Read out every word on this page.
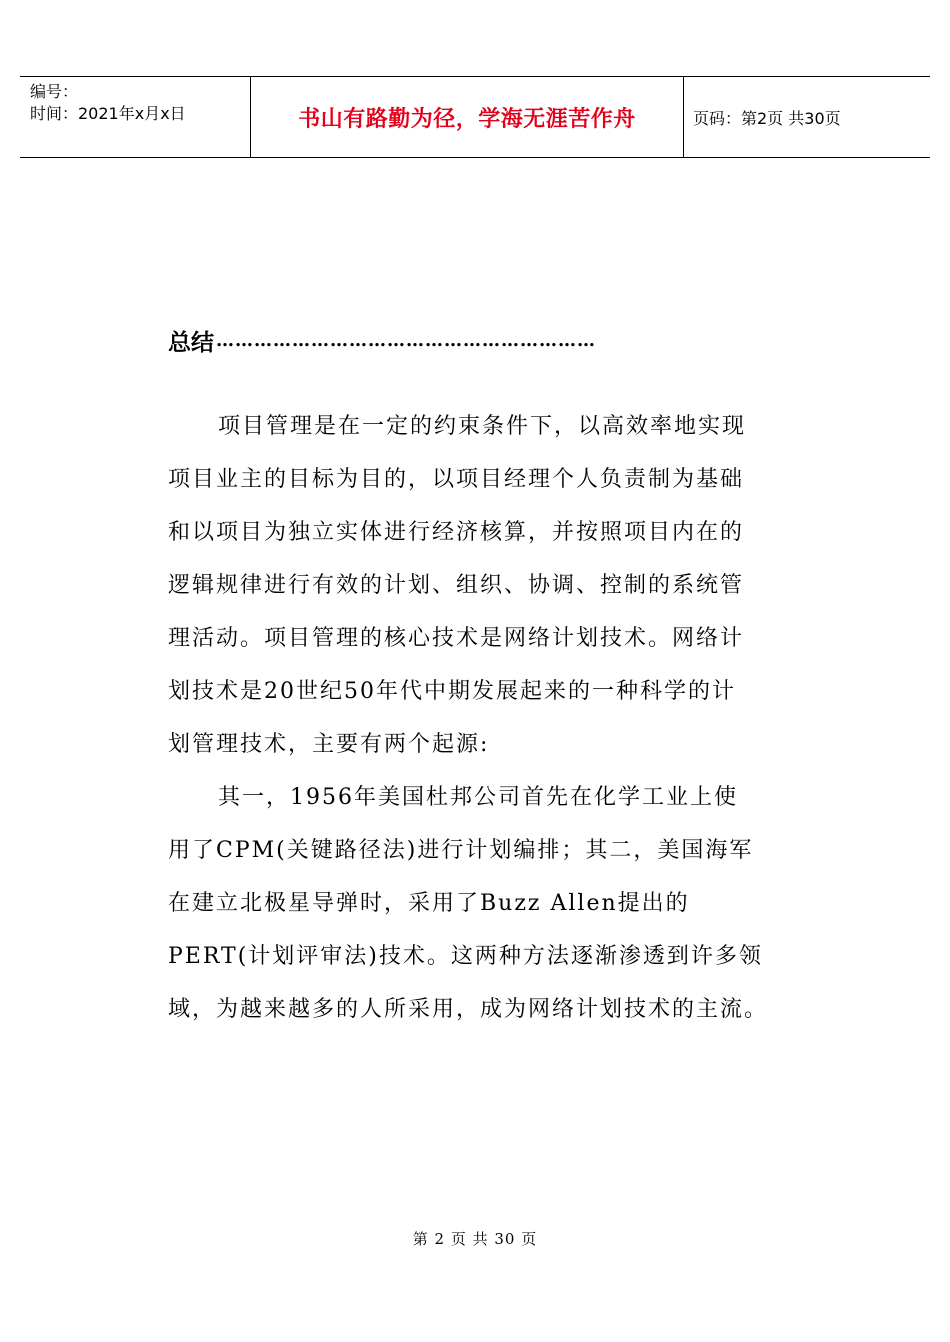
编号：
时间：2021年x月x日	书山有路勤为径，学海无涯苦作舟	页码：第2页 共30页
总结 ……………………………………………………
项目管理是在一定的约束条件下，以高效率地实现
项目业主的目标为目的，以项目经理个人负责制为基础
和以项目为独立实体进行经济核算，并按照项目内在的
逻辑规律进行有效的计划、组织、协调、控制的系统管
理活动。项目管理的核心技术是网络计划技术。网络计
划技术是20世纪50年代中期发展起来的一种科学的计
划管理技术，主要有两个起源:
其一，1956年美国杜邦公司首先在化学工业上使
用了CPM(关键路径法)进行计划编排；其二，美国海军
在建立北极星导弹时，采用了Buzz Allen提出的
PERT(计划评审法)技术。这两种方法逐渐渗透到许多领
域，为越来越多的人所采用，成为网络计划技术的主流。
第 2 页 共 30 页
